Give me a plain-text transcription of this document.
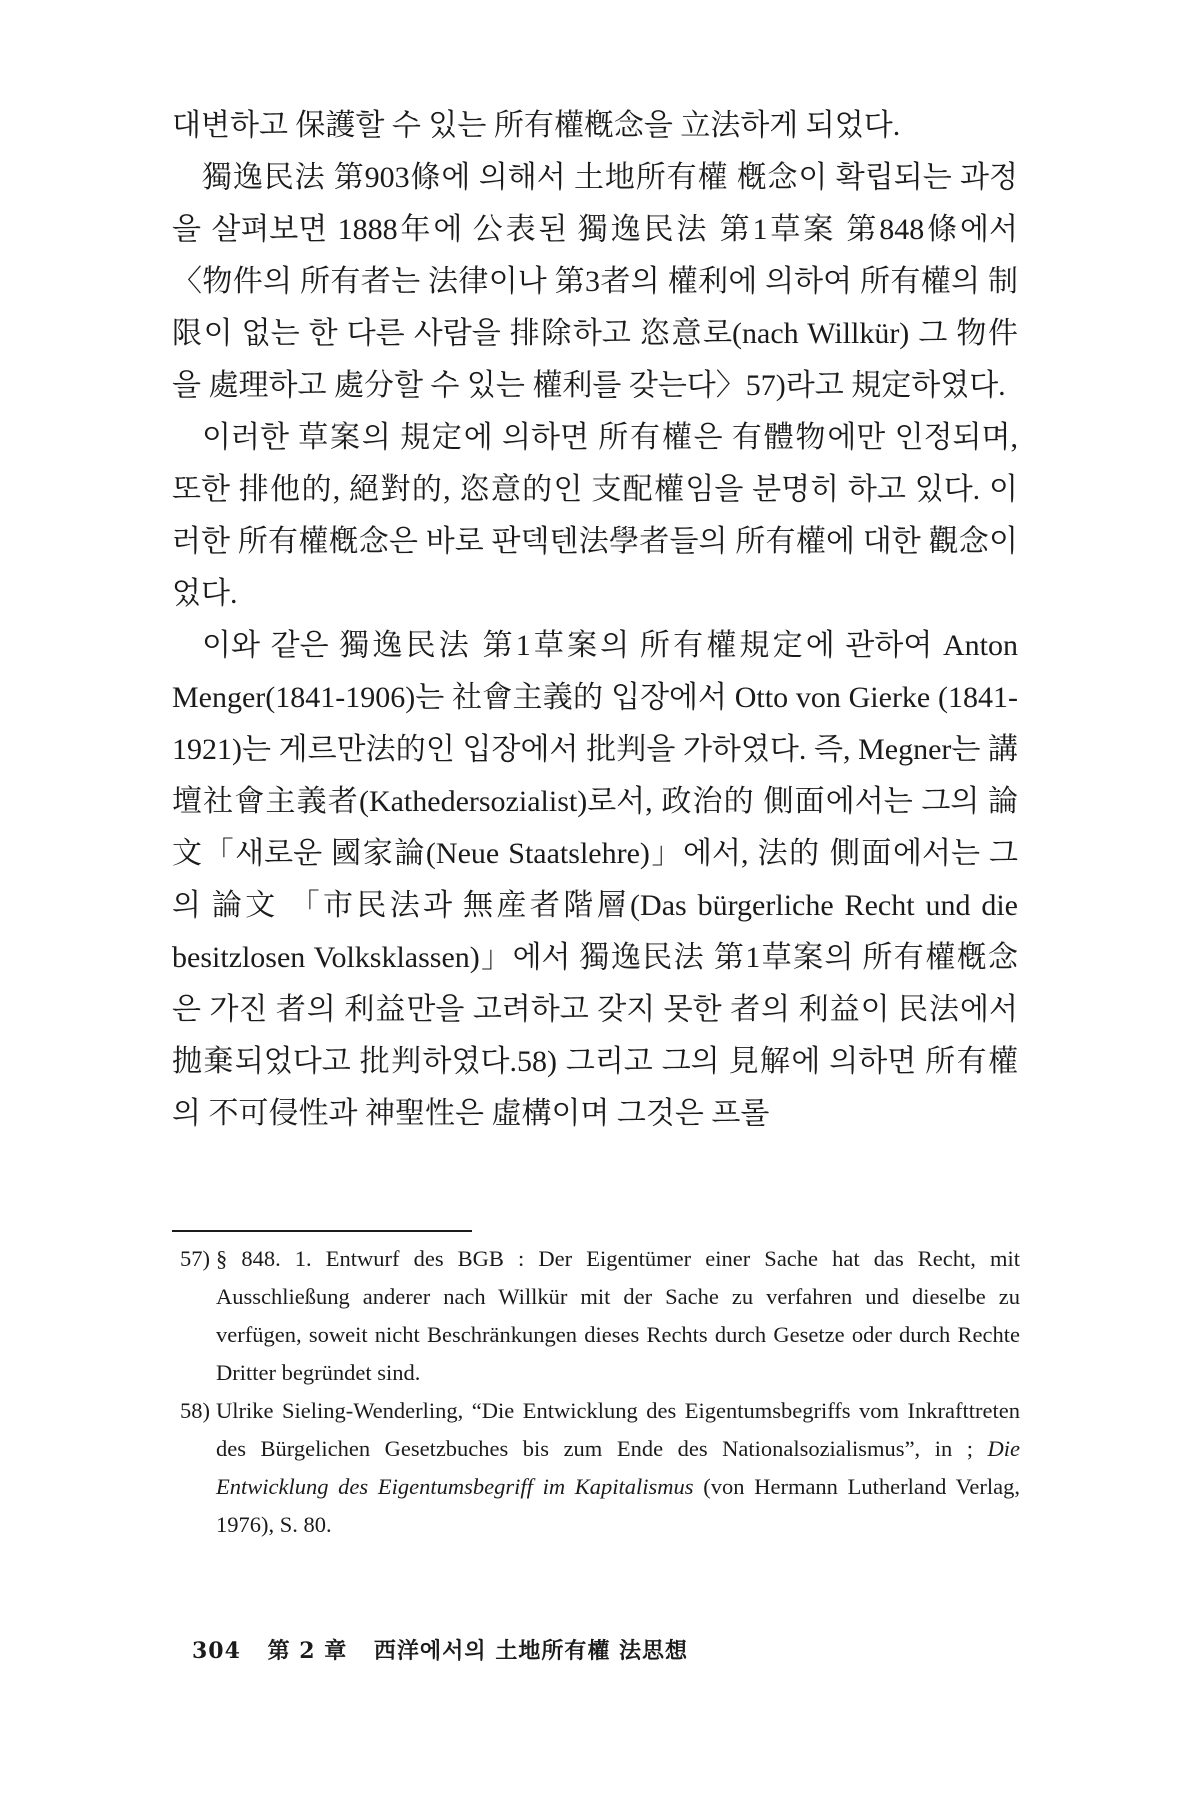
대변하고 保護할 수 있는 所有權槪念을 立法하게 되었다.

獨逸民法 第903條에 의해서 土地所有權 槪念이 확립되는 과정을 살펴보면 1888年에 公表된 獨逸民法 第1草案 第848條에서 〈物件의 所有者는 法律이나 第3者의 權利에 의하여 所有權의 制限이 없는 한 다른 사람을 排除하고 恣意로(nach Willkür) 그 物件을 處理하고 處分할 수 있는 權利를 갖는다〉57)라고 規定하였다.

이러한 草案의 規定에 의하면 所有權은 有體物에만 인정되며, 또한 排他的, 絕對的, 恣意的인 支配權임을 분명히 하고 있다. 이러한 所有權槪念은 바로 판덱텐法學者들의 所有權에 대한 觀念이었다.

이와 같은 獨逸民法 第1草案의 所有權規定에 관하여 Anton Menger(1841-1906)는 社會主義的 입장에서 Otto von Gierke (1841-1921)는 게르만法的인 입장에서 批判을 가하였다. 즉, Megner는 講壇社會主義者(Kathedersozialist)로서, 政治的 側面에서는 그의 論文「새로운 國家論(Neue Staatslehre)」에서, 法的 側面에서는 그의 論文 「市民法과 無産者階層(Das bürgerliche Recht und die besitzlosen Volksklassen)」에서 獨逸民法 第1草案의 所有權槪念은 가진 者의 利益만을 고려하고 갖지 못한 者의 利益이 民法에서 抛棄되었다고 批判하였다.58) 그리고 그의 見解에 의하면 所有權의 不可侵性과 神聖性은 虛構이며 그것은 프롤

57) § 848. 1. Entwurf des BGB : Der Eigentümer einer Sache hat das Recht, mit Ausschließung anderer nach Willkür mit der Sache zu verfahren und dieselbe zu verfügen, soweit nicht Beschränkungen dieses Rechts durch Gesetze oder durch Rechte Dritter begründet sind.
58) Ulrike Sieling-Wenderling, “Die Entwicklung des Eigentumsbegriffs vom Inkrafttreten des Bürgelichen Gesetzbuches bis zum Ende des Nationalsozialismus”, in ; Die Entwicklung des Eigentumsbegriff im Kapitalismus (von Hermann Lutherland Verlag, 1976), S. 80.
304 第 2 章 西洋에서의 土地所有權 法思想
